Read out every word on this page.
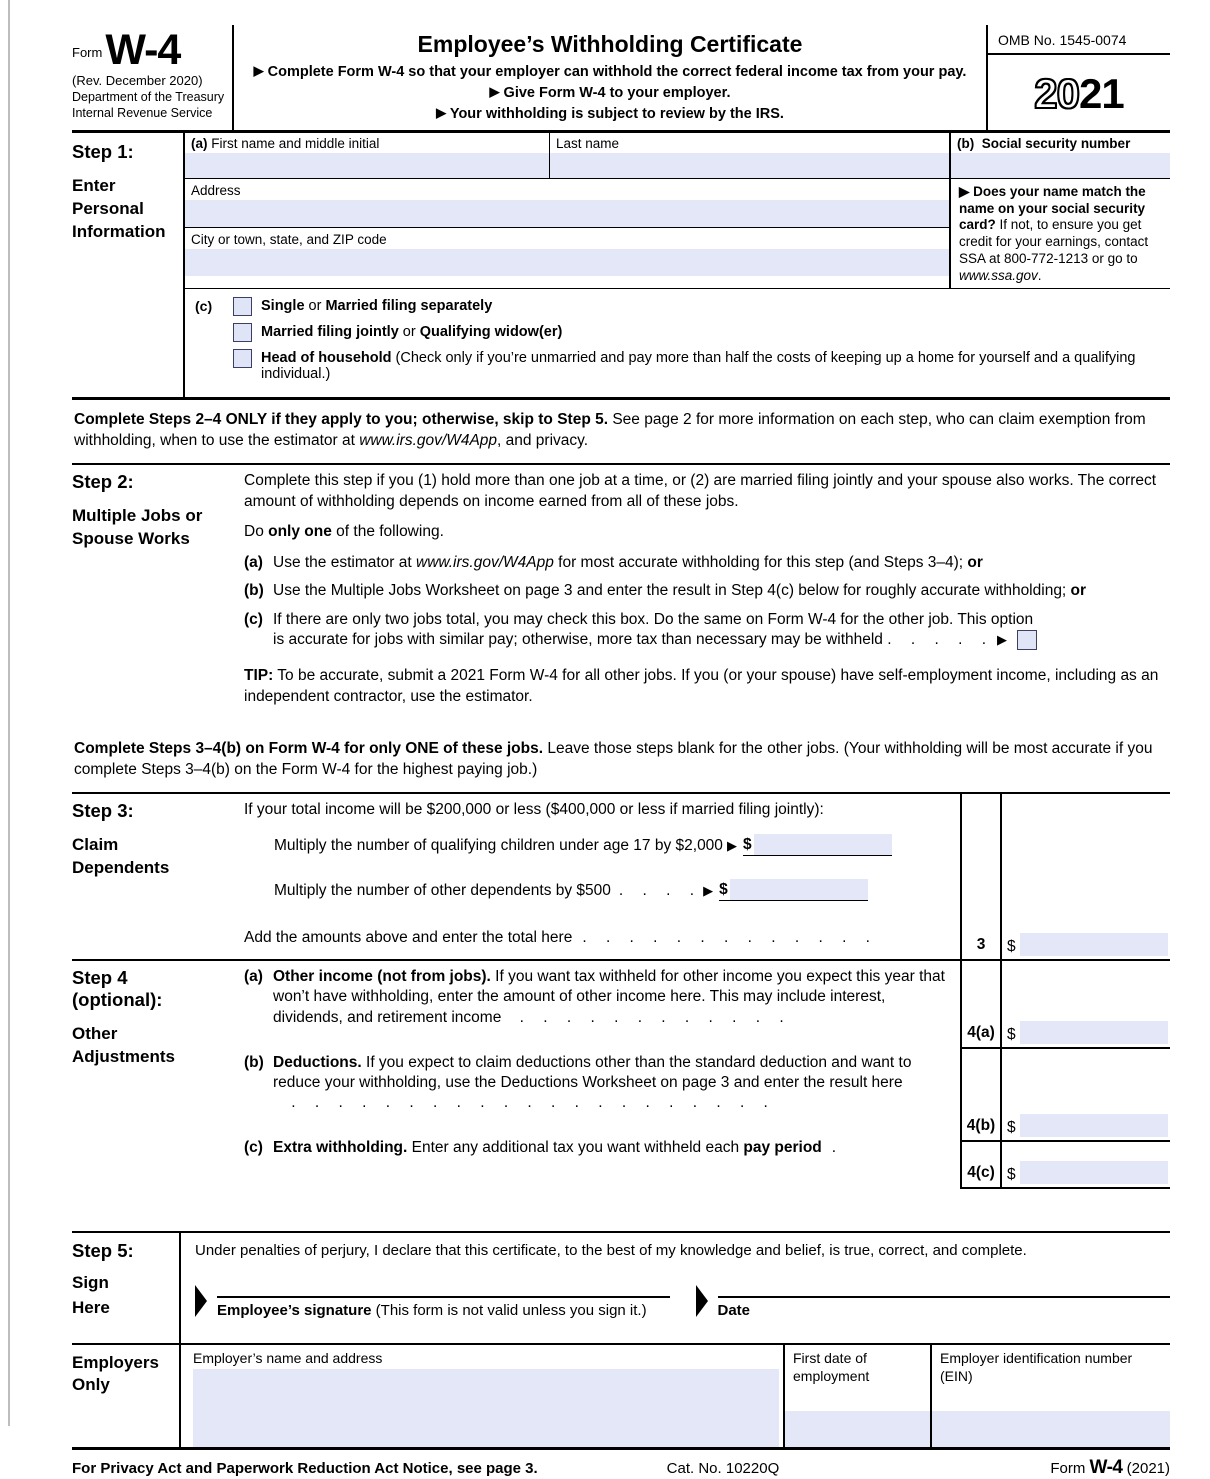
Form W-4
(Rev. December 2020)
Department of the Treasury
Internal Revenue Service
Employee’s Withholding Certificate
▶ Complete Form W-4 so that your employer can withhold the correct federal income tax from your pay.
▶ Give Form W-4 to your employer.
▶ Your withholding is subject to review by the IRS.
OMB No. 1545-0074
20 21
Step 1:
Enter Personal Information
(a) First name and middle initial	Last name
Address
City or town, state, and ZIP code
(b) Social security number
▶ Does your name match the name on your social security card? If not, to ensure you get credit for your earnings, contact SSA at 800-772-1213 or go to www.ssa.gov.
(c)	Single or Married filing separately
Married filing jointly or Qualifying widow(er)
Head of household (Check only if you’re unmarried and pay more than half the costs of keeping up a home for yourself and a qualifying individual.)
Complete Steps 2–4 ONLY if they apply to you; otherwise, skip to Step 5. See page 2 for more information on each step, who can claim exemption from withholding, when to use the estimator at www.irs.gov/W4App, and privacy.
Step 2:
Multiple Jobs or Spouse Works

Complete this step if you (1) hold more than one job at a time, or (2) are married filing jointly and your spouse also works. The correct amount of withholding depends on income earned from all of these jobs.

Do only one of the following.

(a) Use the estimator at www.irs.gov/W4App for most accurate withholding for this step (and Steps 3–4); or
(b) Use the Multiple Jobs Worksheet on page 3 and enter the result in Step 4(c) below for roughly accurate withholding; or
(c) If there are only two jobs total, you may check this box. Do the same on Form W-4 for the other job. This option
is accurate for jobs with similar pay; otherwise, more tax than necessary may be withheld . . . . . ▶
TIP: To be accurate, submit a 2021 Form W-4 for all other jobs. If you (or your spouse) have self-employment income, including as an independent contractor, use the estimator.
Complete Steps 3–4(b) on Form W-4 for only ONE of these jobs. Leave those steps blank for the other jobs. (Your withholding will be most accurate if you complete Steps 3–4(b) on the Form W-4 for the highest paying job.)
Step 3:
Claim Dependents
If your total income will be $200,000 or less ($400,000 or less if married filing jointly):
Multiply the number of qualifying children under age 17 by $2,000 ▶ $
Multiply the number of other dependents by $500 . . . . ▶ $
Add the amounts above and enter the total here . . . . . . . . . . . . .	3	$
Step 4
(optional):
Other Adjustments
(a) Other income (not from jobs). If you want tax withheld for other income you expect this year that won’t have withholding, enter the amount of other income here. This may include interest, dividends, and retirement income . . . . . . . . . . . .
(b) Deductions. If you expect to claim deductions other than the standard deduction and want to reduce your withholding, use the Deductions Worksheet on page 3 and enter the result here . . . . . . . . . . . . . . . . . . . . .
(c) Extra withholding. Enter any additional tax you want withheld each pay period .
4(a) $
4(b) $
4(c) $
Step 5:
Sign
Here
Under penalties of perjury, I declare that this certificate, to the best of my knowledge and belief, is true, correct, and complete.
Employee’s signature (This form is not valid unless you sign it.)	Date
Employers
Only
Employer’s name and address	First date of employment
Employer identification number (EIN)
For Privacy Act and Paperwork Reduction Act Notice, see page 3.	Cat. No. 10220Q	Form W-4 (2021)
